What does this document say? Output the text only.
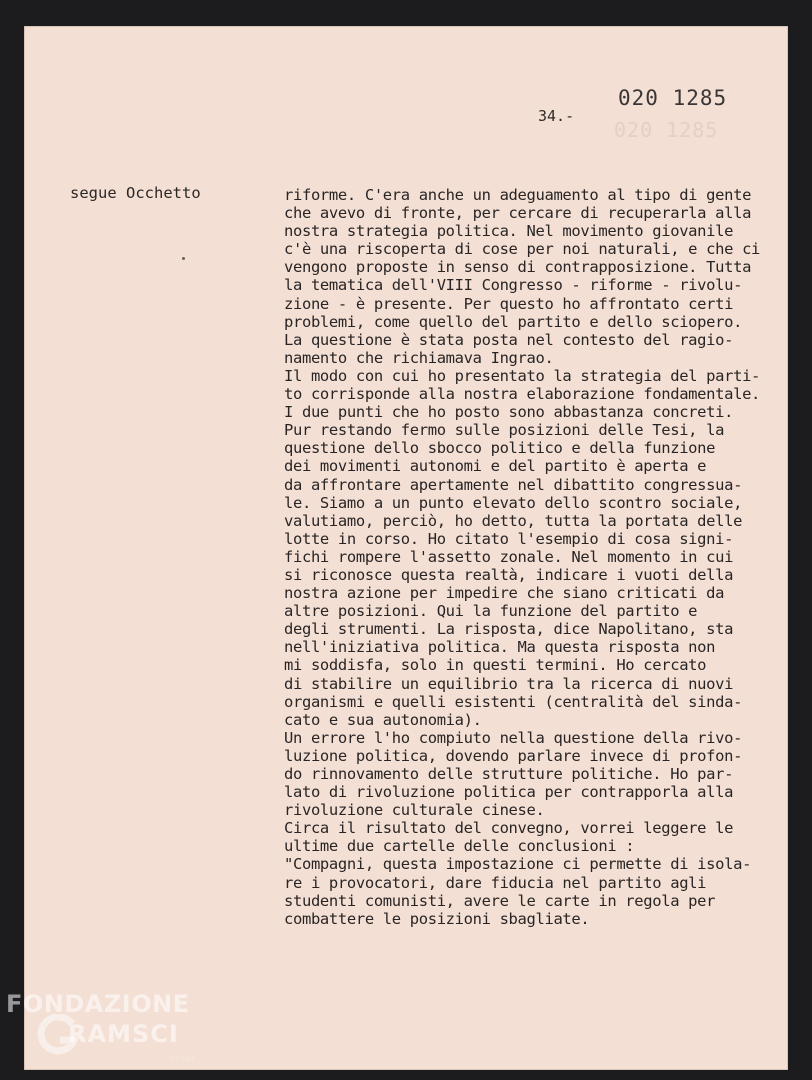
020 1285
020 1285
34.-
segue Occhetto	riforme. C'era anche un adeguamento al tipo di gente
che avevo di fronte, per cercare di recuperarla alla
nostra strategia politica. Nel movimento giovanile
c'è una riscoperta di cose per noi naturali, e che ci
vengono proposte in senso di contrapposizione. Tutta
la tematica dell'VIII Congresso - riforme - rivolu-
zione - è presente. Per questo ho affrontato certi
problemi, come quello del partito e dello sciopero.
La questione è stata posta nel contesto del ragio-
namento che richiamava Ingrao.
Il modo con cui ho presentato la strategia del parti-
to corrisponde alla nostra elaborazione fondamentale.
I due punti che ho posto sono abbastanza concreti.
Pur restando fermo sulle posizioni delle Tesi, la
questione dello sbocco politico e della funzione
dei movimenti autonomi e del partito è aperta e
da affrontare apertamente nel dibattito congressua-
le. Siamo a un punto elevato dello scontro sociale,
valutiamo, perciò, ho detto, tutta la portata delle
lotte in corso. Ho citato l'esempio di cosa signi-
fichi rompere l'assetto zonale. Nel momento in cui
si riconosce questa realtà, indicare i vuoti della
nostra azione per impedire che siano criticati da
altre posizioni. Qui la funzione del partito e
degli strumenti. La risposta, dice Napolitano, sta
nell'iniziativa politica. Ma questa risposta non
mi soddisfa, solo in questi termini. Ho cercato
di stabilire un equilibrio tra la ricerca di nuovi
organismi e quelli esistenti (centralità del sinda-
cato e sua autonomia).
Un errore l'ho compiuto nella questione della rivo-
luzione politica, dovendo parlare invece di profon-
do rinnovamento delle strutture politiche. Ho par-
lato di rivoluzione politica per contrapporla alla
rivoluzione culturale cinese.
Circa il risultato del convegno, vorrei leggere le
ultime due cartelle delle conclusioni :
"Compagni, questa impostazione ci permette di isola-
re i provocatori, dare fiducia nel partito agli
studenti comunisti, avere le carte in regola per
combattere le posizioni sbagliate.
FONDAZIONE
RAMSCI
onlus
